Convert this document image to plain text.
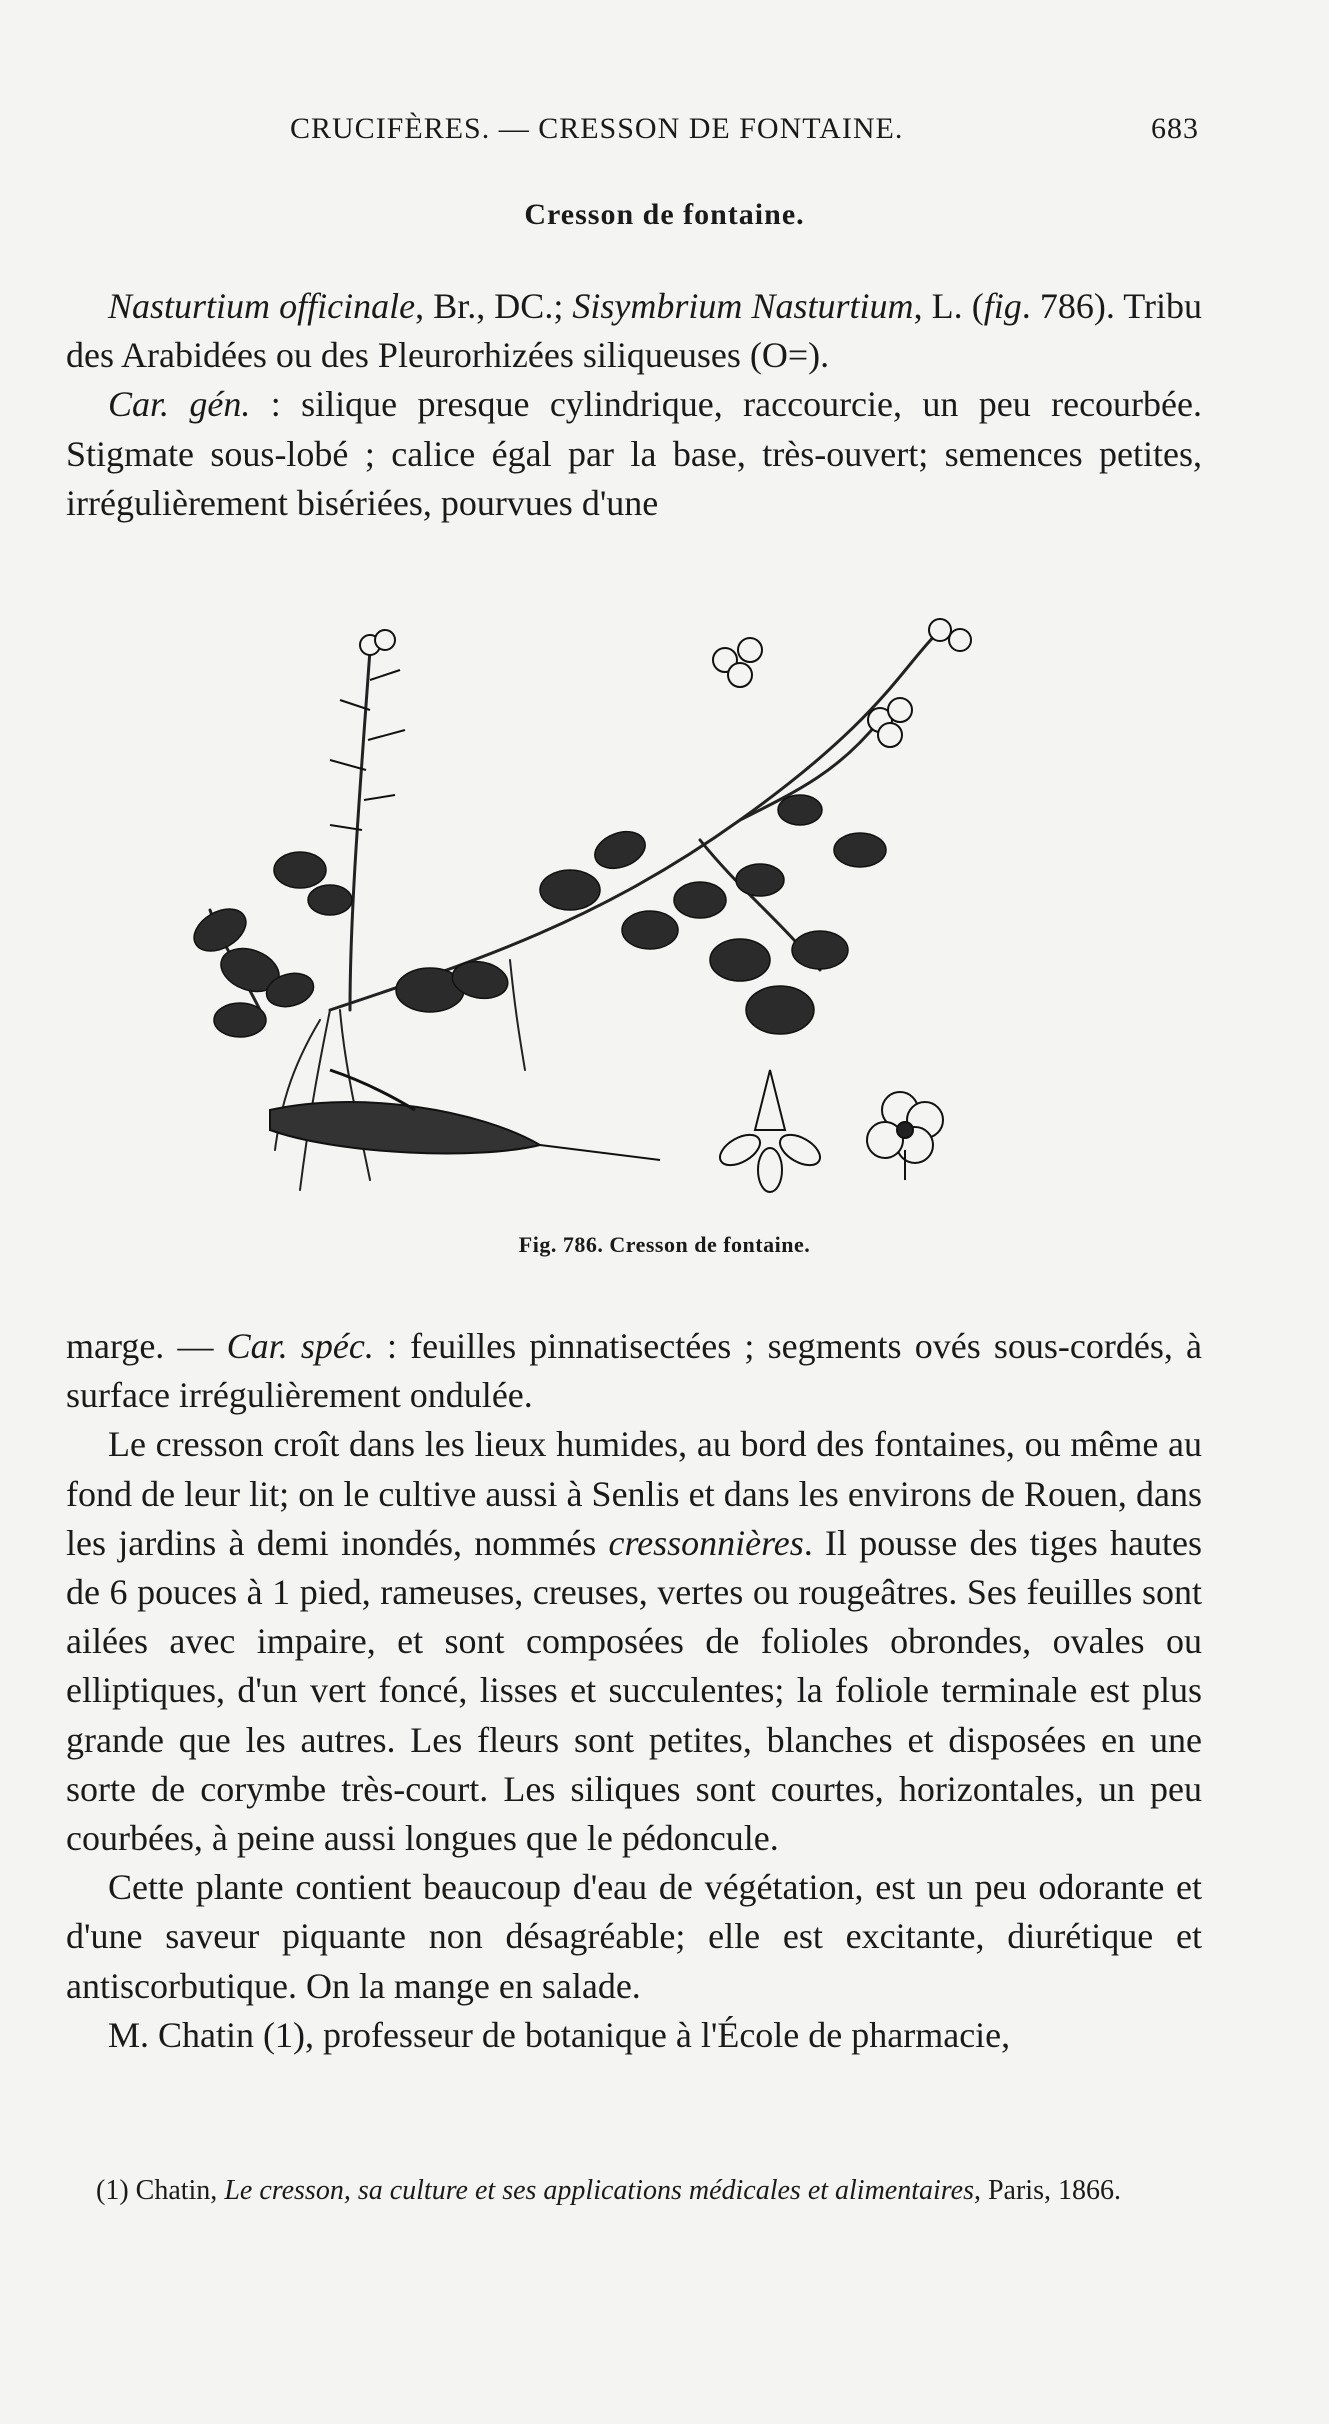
CRUCIFÈRES. — CRESSON DE FONTAINE.	683
Cresson de fontaine.

Nasturtium officinale, Br., DC.; Sisymbrium Nasturtium, L. (fig. 786). Tribu des Arabidées ou des Pleurorhizées siliqueuses (O=).

Car. gén. : silique presque cylindrique, raccourcie, un peu recourbée. Stigmate sous-lobé ; calice égal par la base, très-ouvert; semences petites, irrégulièrement bisériées, pourvues d'une

Fig. 786. Cresson de fontaine.

marge. — Car. spéc. : feuilles pinnatisectées ; segments ovés sous-cordés, à surface irrégulièrement ondulée.

Le cresson croît dans les lieux humides, au bord des fontaines, ou même au fond de leur lit; on le cultive aussi à Senlis et dans les environs de Rouen, dans les jardins à demi inondés, nommés cressonnières. Il pousse des tiges hautes de 6 pouces à 1 pied, rameuses, creuses, vertes ou rougeâtres. Ses feuilles sont ailées avec impaire, et sont composées de folioles obrondes, ovales ou elliptiques, d'un vert foncé, lisses et succulentes; la foliole terminale est plus grande que les autres. Les fleurs sont petites, blanches et disposées en une sorte de corymbe très-court. Les siliques sont courtes, horizontales, un peu courbées, à peine aussi longues que le pédoncule.

Cette plante contient beaucoup d'eau de végétation, est un peu odorante et d'une saveur piquante non désagréable; elle est excitante, diurétique et antiscorbutique. On la mange en salade.

M. Chatin (1), professeur de botanique à l'École de pharmacie,

(1) Chatin, Le cresson, sa culture et ses applications médicales et alimentaires, Paris, 1866.
